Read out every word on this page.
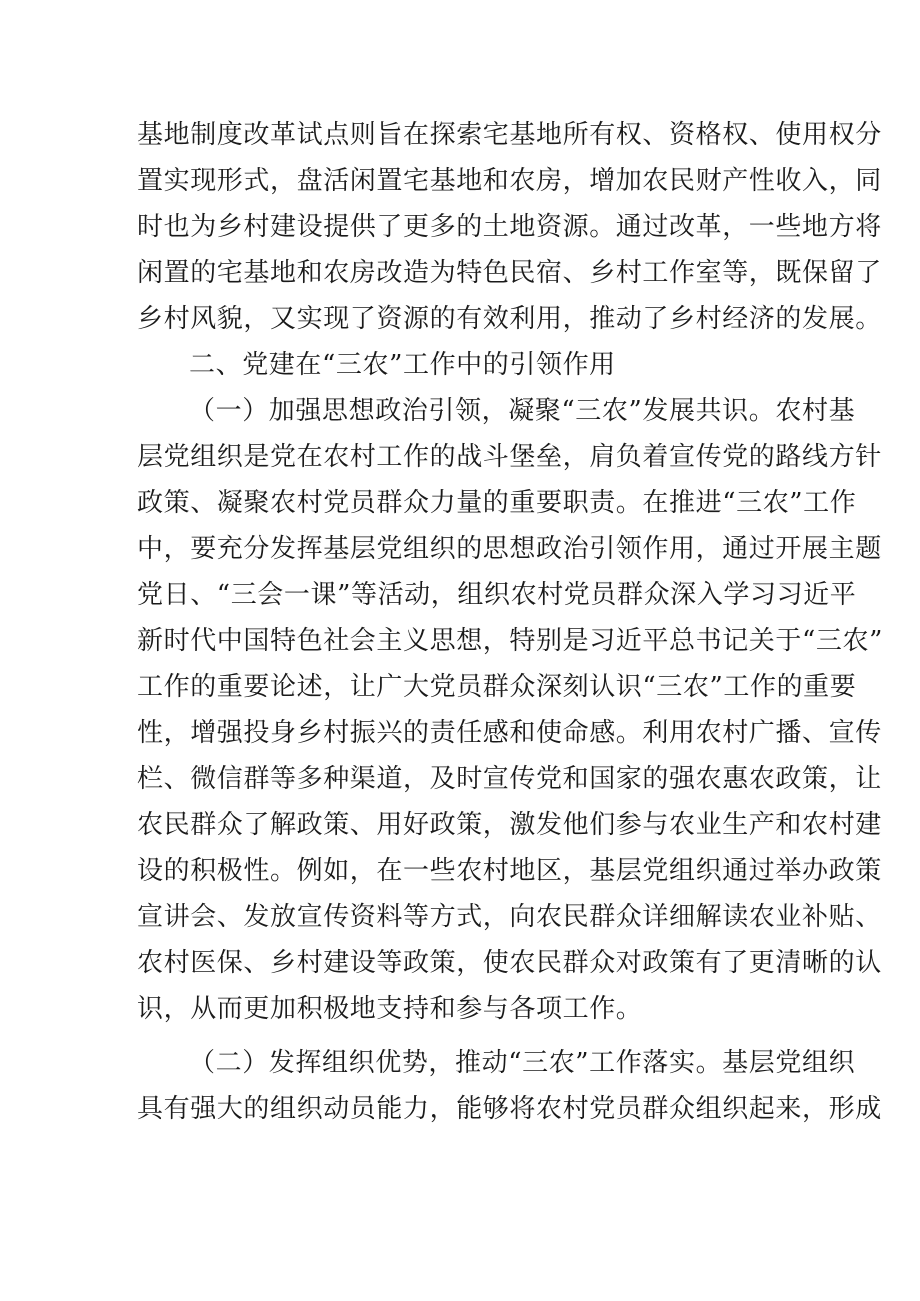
基地制度改革试点则旨在探索宅基地所有权、资格权、使用权分
置实现形式，盘活闲置宅基地和农房，增加农民财产性收入，同
时也为乡村建设提供了更多的土地资源。通过改革，一些地方将
闲置的宅基地和农房改造为特色民宿、乡村工作室等，既保留了
乡村风貌，又实现了资源的有效利用，推动了乡村经济的发展。
二、党建在“三农”工作中的引领作用
（一）加强思想政治引领，凝聚“三农”发展共识。农村基
层党组织是党在农村工作的战斗堡垒，肩负着宣传党的路线方针
政策、凝聚农村党员群众力量的重要职责。在推进“三农”工作
中，要充分发挥基层党组织的思想政治引领作用，通过开展主题
党日、“三会一课”等活动，组织农村党员群众深入学习习近平
新时代中国特色社会主义思想，特别是习近平总书记关于“三农”
工作的重要论述，让广大党员群众深刻认识“三农”工作的重要
性，增强投身乡村振兴的责任感和使命感。利用农村广播、宣传
栏、微信群等多种渠道，及时宣传党和国家的强农惠农政策，让
农民群众了解政策、用好政策，激发他们参与农业生产和农村建
设的积极性。例如，在一些农村地区，基层党组织通过举办政策
宣讲会、发放宣传资料等方式，向农民群众详细解读农业补贴、
农村医保、乡村建设等政策，使农民群众对政策有了更清晰的认
识，从而更加积极地支持和参与各项工作。
（二）发挥组织优势，推动“三农”工作落实。基层党组织
具有强大的组织动员能力，能够将农村党员群众组织起来，形成
